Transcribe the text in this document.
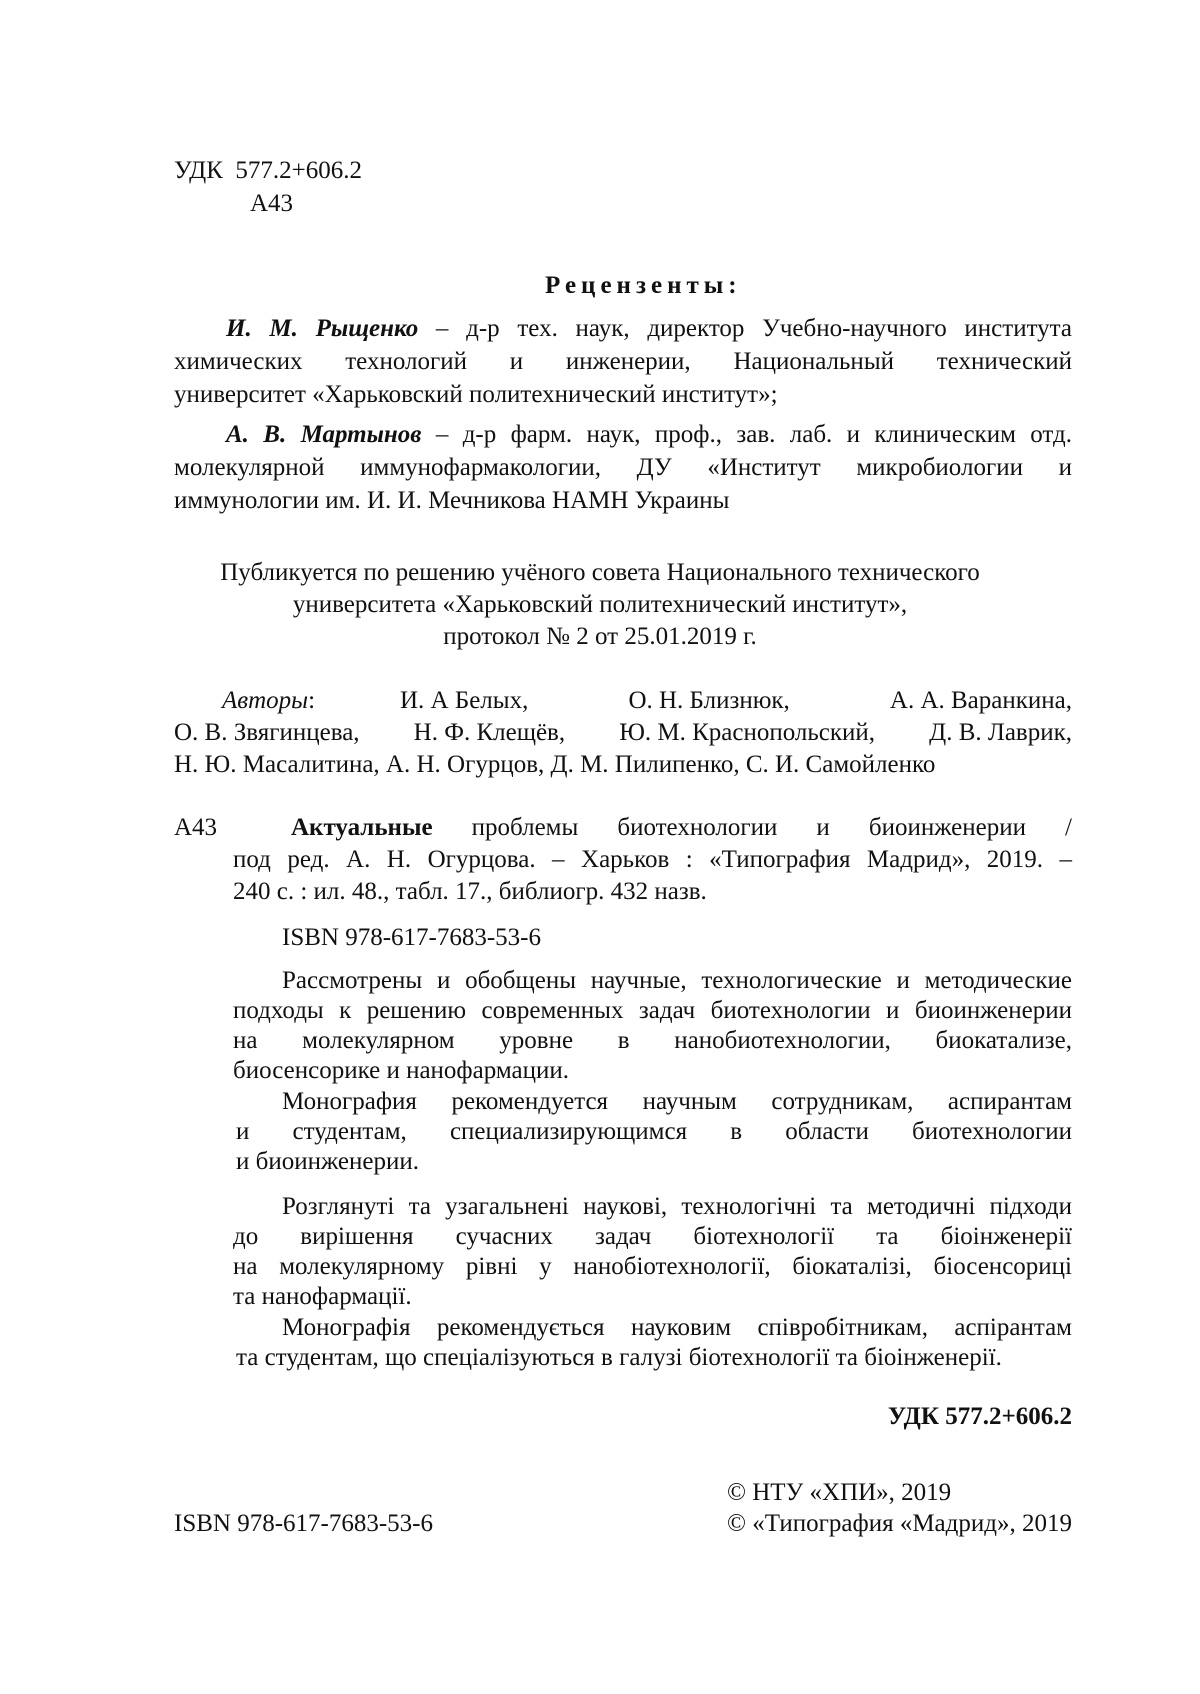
УДК 577.2+606.2
А43
Рецензенты:
И. М. Рыщенко – д-р тех. наук, директор Учебно-научного института
химических технологий и инженерии, Национальный технический
университет «Харьковский политехнический институт»;
А. В. Мартынов – д-р фарм. наук, проф., зав. лаб. и клиническим отд.
молекулярной иммунофармакологии, ДУ «Институт микробиологии и
иммунологии им. И. И. Мечникова НАМН Украины
Публикуется по решению учёного совета Национального технического
университета «Харьковский политехнический институт»,
протокол № 2 от 25.01.2019 г.
Авторы:	И. А Белых,	О. Н. Близнюк,	А. А. Варанкина,
О. В. Звягинцева, Н. Ф. Клещёв, Ю. М. Краснопольский, Д. В. Лаврик,
Н. Ю. Масалитина, А. Н. Огурцов, Д. М. Пилипенко, С. И. Самойленко
А43	Актуальные проблемы биотехнологии и биоинженерии /
под ред. А. Н. Огурцова. – Харьков : «Типография Мадрид», 2019. –
240 с. : ил. 48., табл. 17., библиогр. 432 назв.
ISBN 978-617-7683-53-6
Рассмотрены и обобщены научные, технологические и методические
подходы к решению современных задач биотехнологии и биоинженерии
на молекулярном уровне в нанобиотехнологии, биокатализе,
биосенсорике и нанофармации.
Монография рекомендуется научным сотрудникам, аспирантам
и студентам, специализирующимся в области биотехнологии
и биоинженерии.
Розглянуті та узагальнені наукові, технологічні та методичні підходи
до вирішення сучасних задач біотехнології та біоінженерії
на молекулярному рівні у нанобіотехнології, біокаталізі, біосенсориці
та нанофармації.
Монографія рекомендується науковим співробітникам, аспірантам
та студентам, що спеціалізуються в галузі біотехнології та біоінженерії.
УДК 577.2+606.2
© НТУ «ХПИ», 2019
ISBN 978-617-7683-53-6	© «Типография «Мадрид», 2019
